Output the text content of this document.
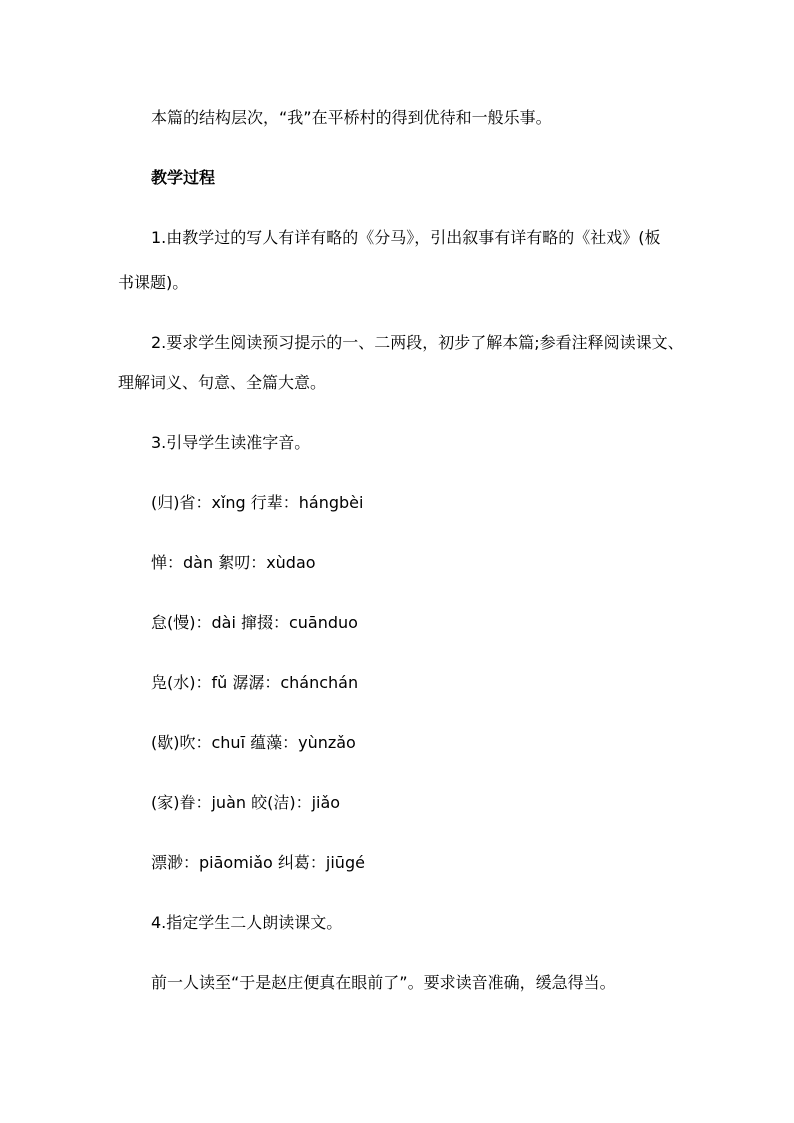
本篇的结构层次，“我”在平桥村的得到优待和一般乐事。
教学过程
1.由教学过的写人有详有略的《分马》，引出叙事有详有略的《社戏》(板
书课题)。
2.要求学生阅读预习提示的一、二两段，初步了解本篇;参看注释阅读课文、
理解词义、句意、全篇大意。
3.引导学生读准字音。
(归)省：xǐng 行辈：hángbèi
惮：dàn 絮叨：xùdao
怠(慢)：dài 撺掇：cuānduo
凫(水)：fǔ 潺潺：chánchán
(歇)吹：chuī 蕴藻：yùnzǎo
(家)眷：juàn 皎(洁)：jiǎo
漂渺：piāomiǎo 纠葛：jiūgé
4.指定学生二人朗读课文。
前一人读至“于是赵庄便真在眼前了”。要求读音准确，缓急得当。
